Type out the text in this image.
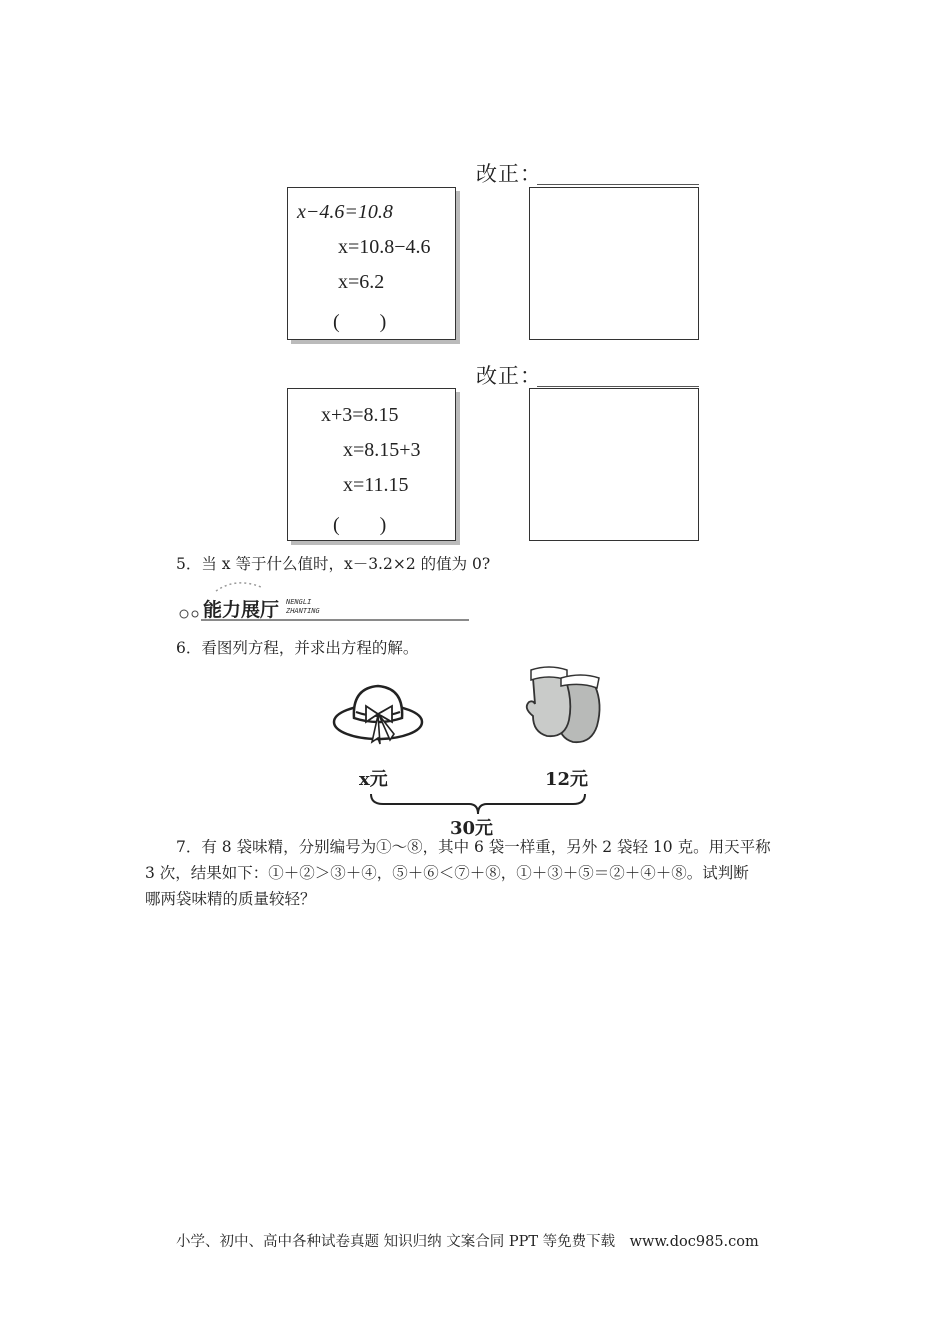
改正：
x−4.6=10.8
x=10.8−4.6
x=6.2
(　　)
改正：
x+3=8.15
x=8.15+3
x=11.15
(　　)
5．当 x 等于什么值时，x－3.2×2 的值为 0?
能力展厅 NENGLI
ZHANTING
6．看图列方程，并求出方程的解。
x元	12元
30元
7．有 8 袋味精，分别编号为①～⑧，其中 6 袋一样重，另外 2 袋轻 10 克。用天平称
3 次，结果如下：①＋②＞③＋④，⑤＋⑥＜⑦＋⑧，①＋③＋⑤＝②＋④＋⑧。试判断
哪两袋味精的质量较轻？
小学、初中、高中各种试卷真题 知识归纳 文案合同 PPT 等免费下载　www.doc985.com
